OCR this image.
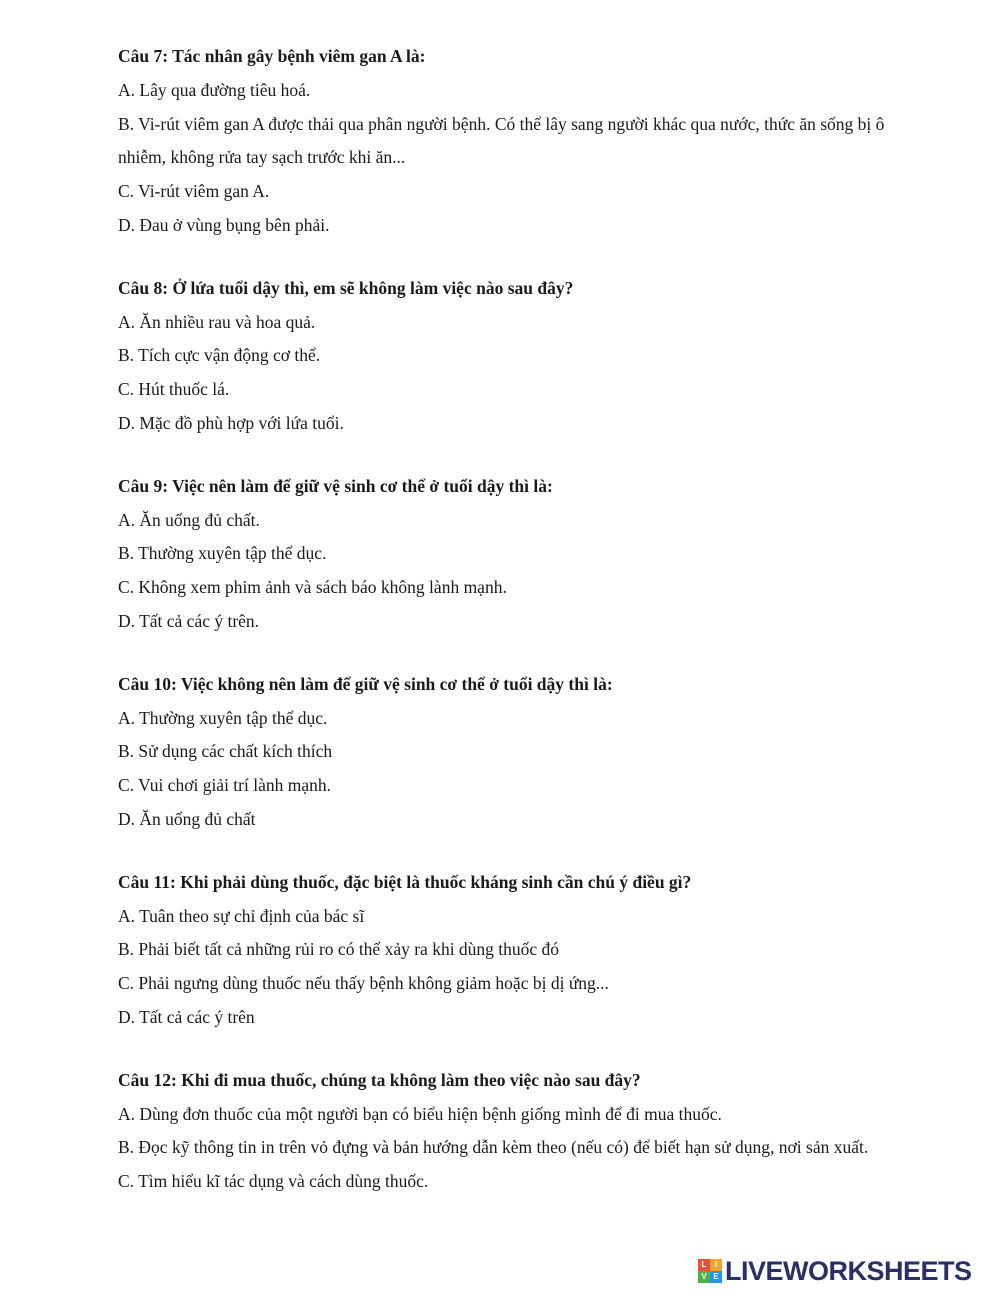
Câu 7: Tác nhân gây bệnh viêm gan A là:

A. Lây qua đường tiêu hoá.

B. Vi-rút viêm gan A được thải qua phân người bệnh. Có thể lây sang người khác qua nước, thức ăn sống bị ô nhiễm, không rửa tay sạch trước khi ăn...

C. Vi-rút viêm gan A.

D. Đau ở vùng bụng bên phải.

Câu 8: Ở lứa tuổi dậy thì, em sẽ không làm việc nào sau đây?

A. Ăn nhiều rau và hoa quả.

B. Tích cực vận động cơ thể.

C. Hút thuốc lá.

D. Mặc đồ phù hợp với lứa tuổi.

Câu 9: Việc nên làm để giữ vệ sinh cơ thể ở tuổi dậy thì là:

A. Ăn uống đủ chất.

B. Thường xuyên tập thể dục.

C. Không xem phim ảnh và sách báo không lành mạnh.

D. Tất cả các ý trên.

Câu 10: Việc không nên làm để giữ vệ sinh cơ thể ở tuổi dậy thì là:

A. Thường xuyên tập thể dục.

B. Sử dụng các chất kích thích

C. Vui chơi giải trí lành mạnh.

D. Ăn uống đủ chất

Câu 11: Khi phải dùng thuốc, đặc biệt là thuốc kháng sinh cần chú ý điều gì?

A. Tuân theo sự chỉ định của bác sĩ

B. Phải biết tất cả những rủi ro có thể xảy ra khi dùng thuốc đó

C. Phải ngưng dùng thuốc nếu thấy bệnh không giảm hoặc bị dị ứng...

D. Tất cả các ý trên

Câu 12: Khi đi mua thuốc, chúng ta không làm theo việc nào sau đây?

A. Dùng đơn thuốc của một người bạn có biểu hiện bệnh giống mình để đi mua thuốc.

B. Đọc kỹ thông tin in trên vỏ đựng và bản hướng dẫn kèm theo (nếu có) để biết hạn sử dụng, nơi sản xuất.

C. Tìm hiểu kĩ tác dụng và cách dùng thuốc.

L	I
V E LIVEWORKSHEETS
